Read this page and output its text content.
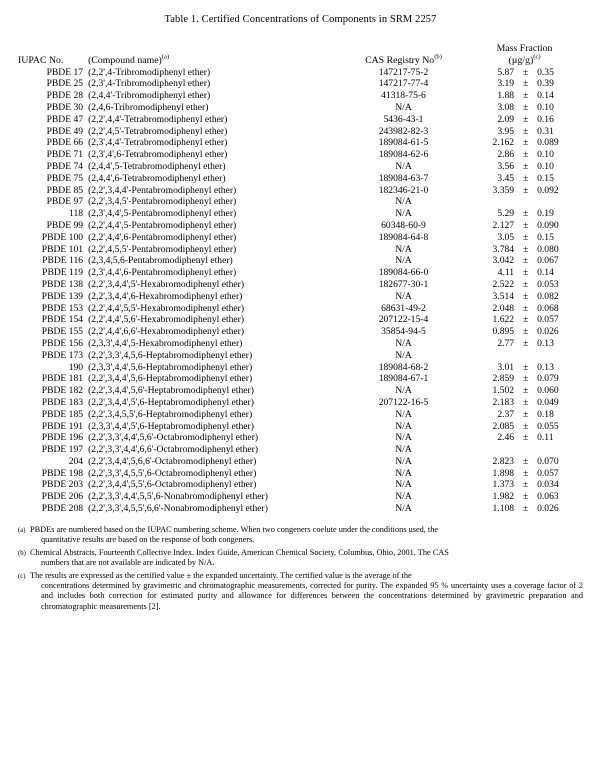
Table 1. Certified Concentrations of Components in SRM 2257
IUPAC No.	(Compound name)$^{(a)}$	CAS Registry No$^{(b)}$	Mass Fraction
$(\mu g/g)^{(c)}$

PBDE 17	(2,2',4-Tribromodiphenyl ether)	147217-75-2	5.87	±	0.35
PBDE 25	(2,3',4-Tribromodiphenyl ether)	147217-77-4	3.19	±	0.39
PBDE 28	(2,4,4'-Tribromodiphenyl ether)	41318-75-6	1.88	±	0.14
PBDE 30	(2,4,6-Tribromodiphenyl ether)	N/A	3.08	±	0.10
PBDE 47	(2,2',4,4'-Tetrabromodiphenyl ether)	5436-43-1	2.09	±	0.16
PBDE 49	(2,2',4,5'-Tetrabromodiphenyl ether)	243982-82-3	3.95	±	0.31
PBDE 66	(2,3',4,4'-Tetrabromodiphenyl ether)	189084-61-5	2.162	±	0.089
PBDE 71	(2,3',4',6-Tetrabromodiphenyl ether)	189084-62-6	2.86	±	0.10
PBDE 74	(2,4,4',5-Tetrabromodiphenyl ether)	N/A	3.56	±	0.10
PBDE 75	(2,4,4',6-Tetrabromodiphenyl ether)	189084-63-7	3.45	±	0.15
PBDE 85	(2,2',3,4,4'-Pentabromodiphenyl ether)	182346-21-0	3.359	±	0.092
PBDE 97	(2,2',3,4,5'-Pentabromodiphenyl ether)	N/A			
118	(2,3',4,4',5-Pentabromodiphenyl ether)	N/A	5.29	±	0.19
PBDE 99	(2,2',4,4',5-Pentabromodiphenyl ether)	60348-60-9	2.127	±	0.090
PBDE 100	(2,2',4,4',6-Pentabromodiphenyl ether)	189084-64-8	3.05	±	0.15
PBDE 101	(2,2',4,5,5'-Pentabromodiphenyl ether)	N/A	3.784	±	0.080
PBDE 116	(2,3,4,5,6-Pentabromodiphenyl ether)	N/A	3.042	±	0.067
PBDE 119	(2,3',4,4',6-Pentabromodiphenyl ether)	189084-66-0	4.11	±	0.14
PBDE 138	(2,2',3,4,4',5'-Hexabromodiphenyl ether)	182677-30-1	2.522	±	0.053
PBDE 139	(2,2',3,4,4',6-Hexabromodiphenyl ether)	N/A	3.514	±	0.082
PBDE 153	(2,2',4,4',5,5'-Hexabromodiphenyl ether)	68631-49-2	2.048	±	0.068
PBDE 154	(2,2',4,4',5,6'-Hexabromodiphenyl ether)	207122-15-4	1.622	±	0.057
PBDE 155	(2,2',4,4',6,6'-Hexabromodiphenyl ether)	35854-94-5	0.895	±	0.026
PBDE 156	(2,3,3',4,4',5-Hexabromodiphenyl ether)	N/A	2.77	±	0.13
PBDE 173	(2,2',3,3',4,5,6-Heptabromodiphenyl ether)	N/A			
190	(2,3,3',4,4',5,6-Heptabromodiphenyl ether)	189084-68-2	3.01	±	0.13
PBDE 181	(2,2',3,4,4',5,6-Heptabromodiphenyl ether)	189084-67-1	2.859	±	0.079
PBDE 182	(2,2',3,4,4',5,6'-Heptabromodiphenyl ether)	N/A	1.502	±	0.060
PBDE 183	(2,2',3,4,4',5',6-Heptabromodiphenyl ether)	207122-16-5	2.183	±	0.049
PBDE 185	(2,2',3,4,5,5',6-Heptabromodiphenyl ether)	N/A	2.37	±	0.18
PBDE 191	(2,3,3',4,4',5',6-Heptabromodiphenyl ether)	N/A	2.085	±	0.055
PBDE 196	(2,2',3,3',4,4',5,6'-Octabromodiphenyl ether)	N/A	2.46	±	0.11
PBDE 197	(2,2',3,3',4,4',6,6'-Octabromodiphenyl ether)	N/A			
204	(2,2',3,4,4',5,6,6'-Octabromodiphenyl ether)	N/A	2.823	±	0.070
PBDE 198	(2,2',3,3',4,5,5',6-Octabromodiphenyl ether)	N/A	1.898	±	0.057
PBDE 203	(2,2',3,4,4',5,5',6-Octabromodiphenyl ether)	N/A	1.373	±	0.034
PBDE 206	(2,2',3,3',4,4',5,5',6-Nonabromodiphenyl ether)	N/A	1.982	±	0.063
PBDE 208	(2,2',3,3',4,5,5',6,6'-Nonabromodiphenyl ether)	N/A	1.108	±	0.026
(a) PBDEs are numbered based on the IUPAC numbering scheme. When two congeners coelute under the conditions used, the
quantitative results are based on the response of both congeners.
(b) Chemical Abstracts, Fourteenth Collective Index. Index Guide, American Chemical Society, Columbus, Ohio, 2001. The CAS
numbers that are not available are indicated by N/A.
(c) The results are expressed as the certified value ± the expanded uncertainty. The certified value is the average of the
concentrations determined by gravimetric and chromatographic measurements, corrected for purity. The expanded 95 % uncertainty uses a coverage factor of 2 and includes both correction for estimated purity and allowance for differences between the concentrations determined by gravimetric preparation and chromatographic measurements [2].
